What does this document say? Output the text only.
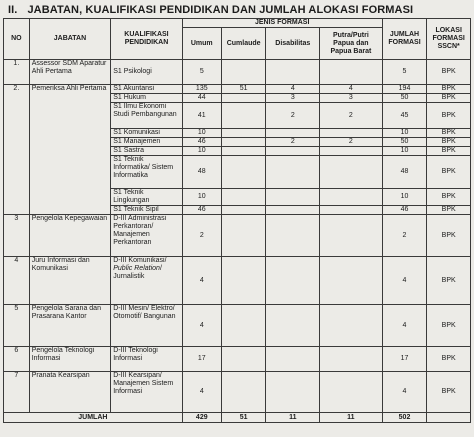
II. JABATAN, KUALIFIKASI PENDIDIKAN DAN JUMLAH ALOKASI FORMASI
NO	JABATAN	KUALIFIKASI PENDIDIKAN	JENIS FORMASI				JUMLAH FORMASI	LOKASI FORMASI SSCN*
			Umum	Cumlaude	Disabilitas	Putra/Putri Papua dan Papua Barat		
1.	Assessor SDM Aparatur Ahli Pertama	S1 Psikologi	5				5	BPK
2.	Pemeriksa Ahli Pertama	S1 Akuntansi	135	51	4	4	194	BPK
		S1 Hukum	44		3	3	50	BPK
		S1 Ilmu Ekonomi Studi Pembangunan	41		2	2	45	BPK
		S1 Komunikasi	10				10	BPK
		S1 Manajemen	46		2	2	50	BPK
		S1 Sastra	10				10	BPK
		S1 Teknik Informatika/ Sistem Informatika	48				48	BPK
		S1 Teknik Lingkungan	10				10	BPK
		S1 Teknik Sipil	46				46	BPK
3	Pengelola Kepegawaian	D-III Administrasi Perkantoran/ Manajemen Perkantoran	2				2	BPK
4	Juru Informasi dan Komunikasi	D-III Komunikasi/ Public Relation/ Jurnalistik	4				4	BPK
5	Pengelola Sarana dan Prasarana Kantor	D-III Mesin/ Elektro/ Otomotif/ Bangunan	4				4	BPK
6	Pengelola Teknologi Informasi	D-III Teknologi Informasi	17				17	BPK
7	Pranata Kearsipan	D-III Kearsipan/ Manajemen Sistem Informasi	4				4	BPK
JUMLAH			429	51	11	11	502	
